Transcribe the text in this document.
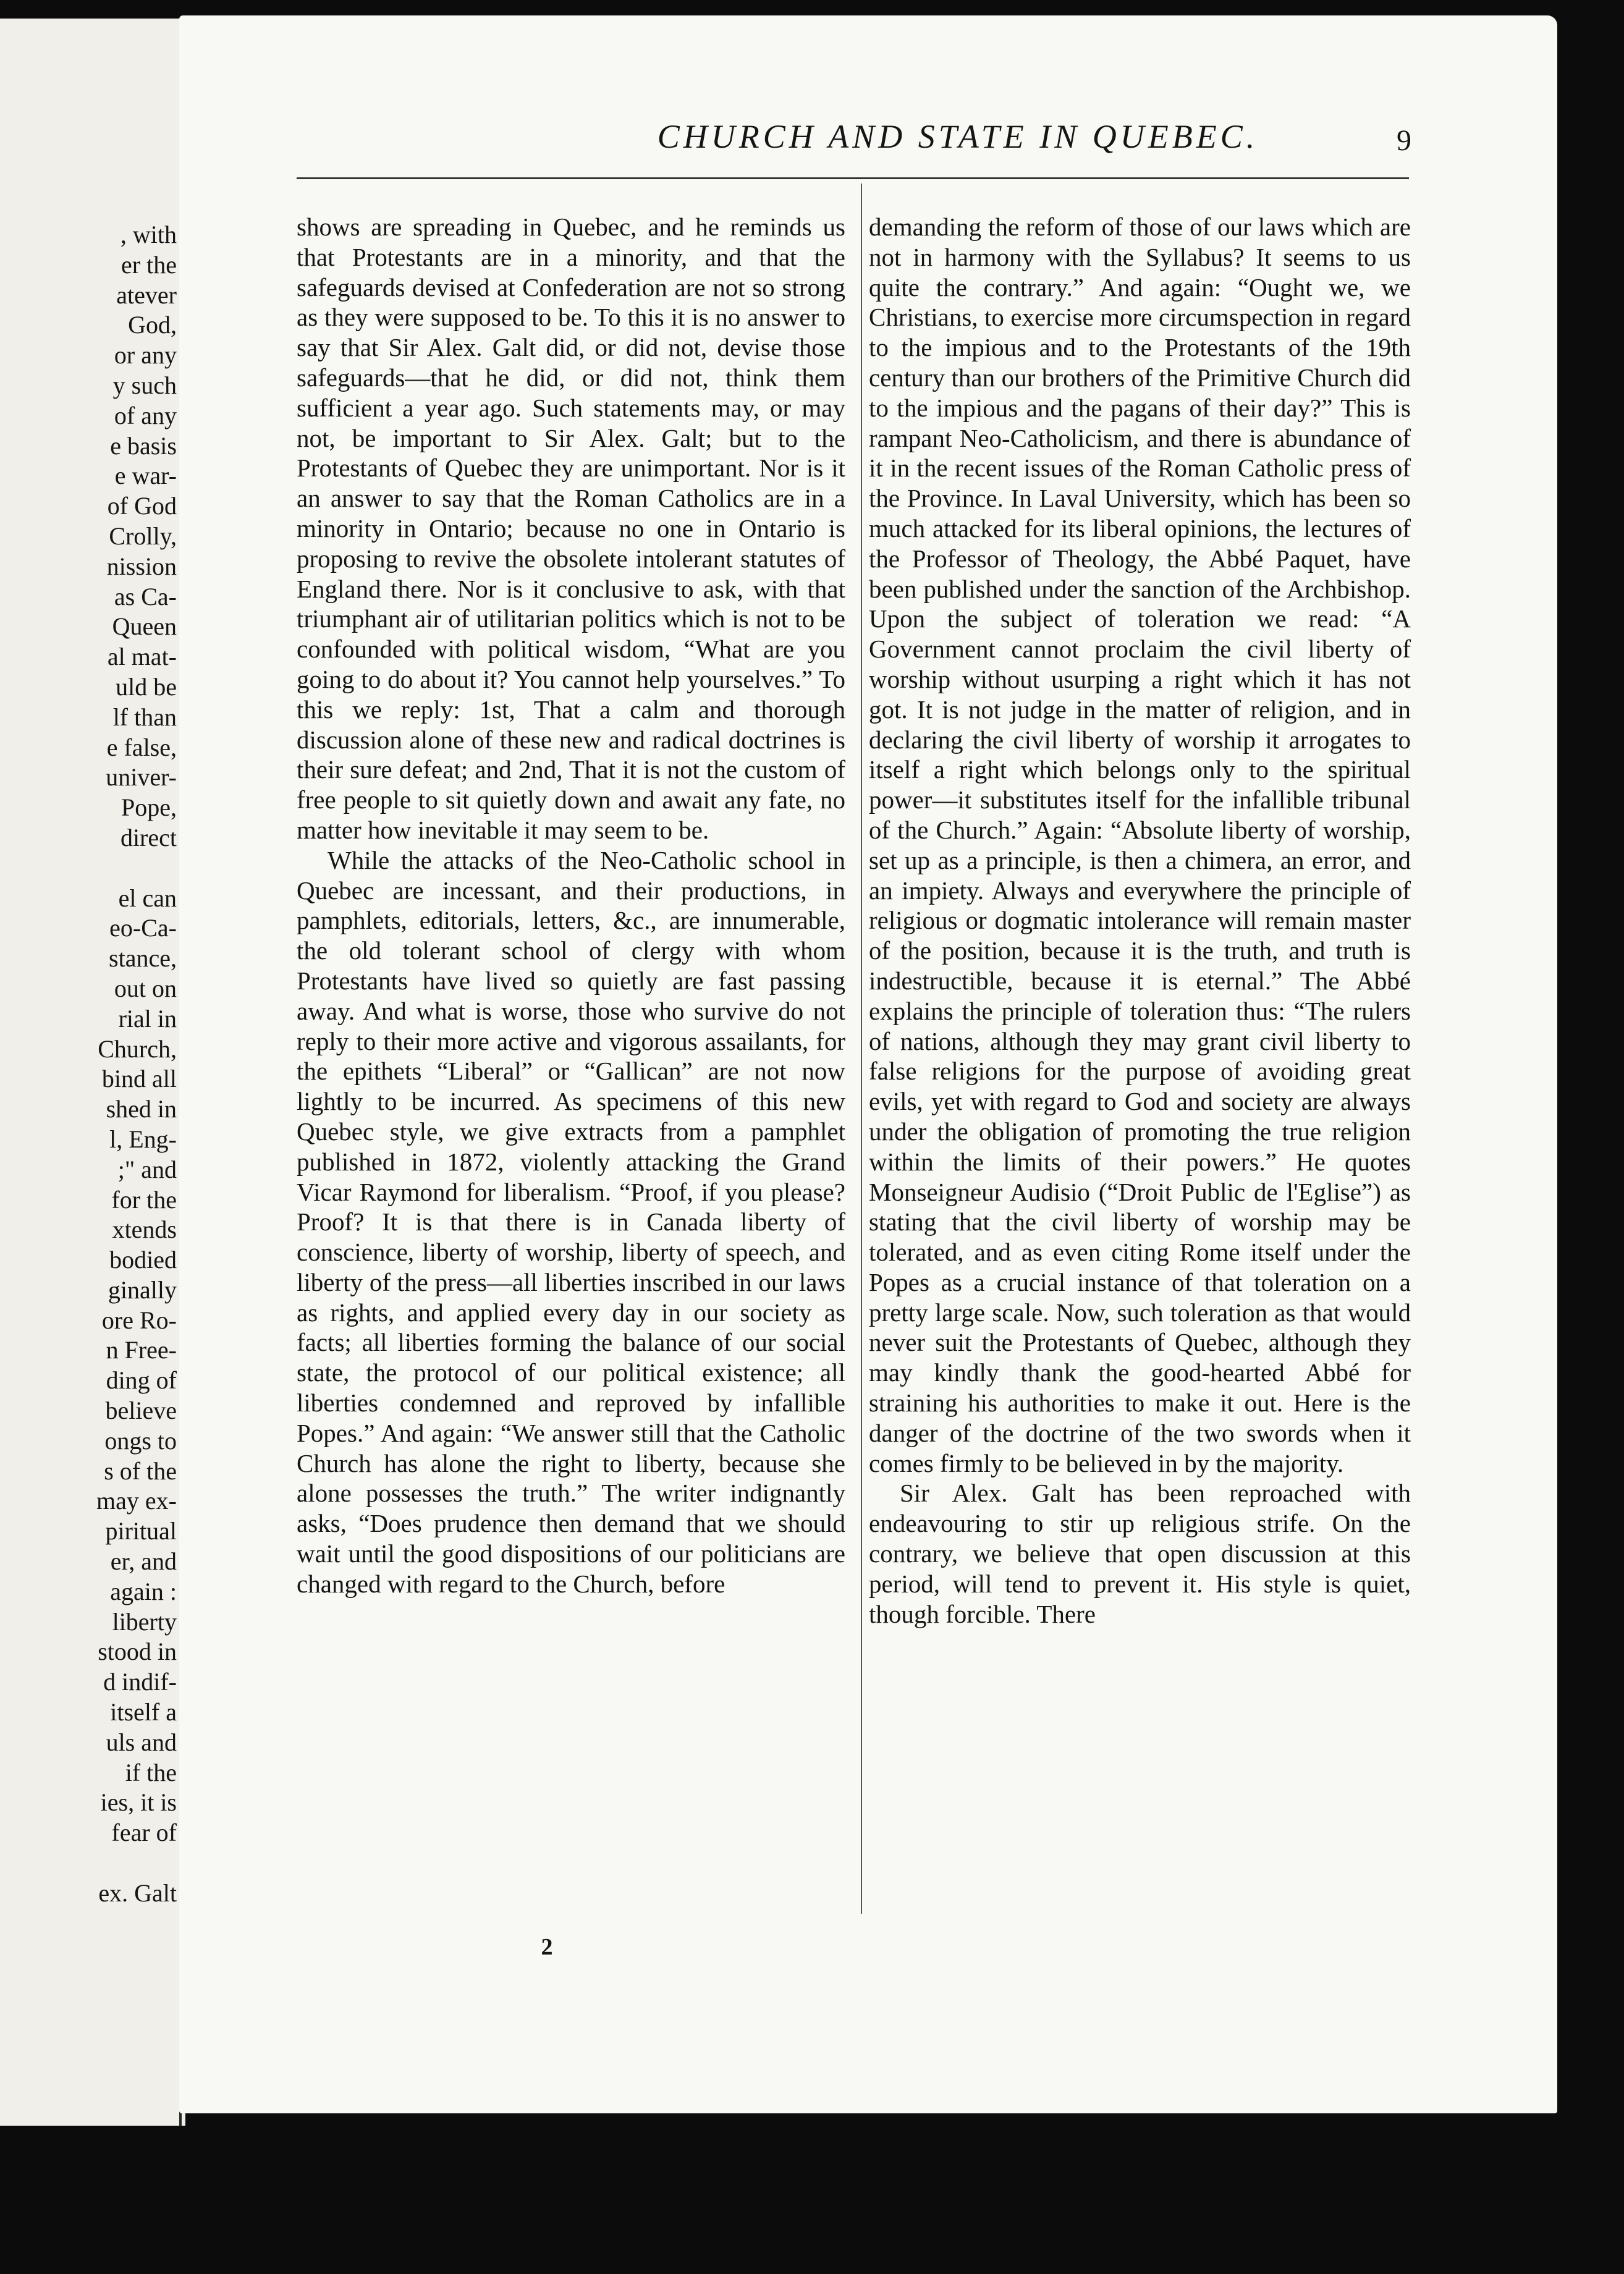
, with
er the
atever
God,
or any
y such
of any
e basis
e war-
of God
Crolly,
nission
as Ca-
Queen
al mat-
uld be
lf than
e false,
univer-
Pope,
direct

el can
eo-Ca-
stance,
out on
rial in
Church,
bind all
shed in
l, Eng-
;" and
for the
xtends
bodied
ginally
ore Ro-
n Free-
ding of
believe
ongs to
s of the
may ex-
piritual
er, and
again :
liberty
stood in
d indif-
itself a
uls and
if the
ies, it is
fear of

ex. Galt
CHURCH AND STATE IN QUEBEC.	9

shows are spreading in Quebec, and he reminds us that Protestants are in a minority, and that the safeguards devised at Confederation are not so strong as they were supposed to be. To this it is no answer to say that Sir Alex. Galt did, or did not, devise those safeguards—that he did, or did not, think them sufficient a year ago. Such statements may, or may not, be important to Sir Alex. Galt; but to the Protestants of Quebec they are unimportant. Nor is it an answer to say that the Roman Catholics are in a minority in Ontario; because no one in Ontario is proposing to revive the obsolete intolerant statutes of England there. Nor is it conclusive to ask, with that triumphant air of utilitarian politics which is not to be confounded with political wisdom, “What are you going to do about it? You cannot help yourselves.” To this we reply: 1st, That a calm and thorough discussion alone of these new and radical doctrines is their sure defeat; and 2nd, That it is not the custom of free people to sit quietly down and await any fate, no matter how inevitable it may seem to be.

While the attacks of the Neo-Catholic school in Quebec are incessant, and their productions, in pamphlets, editorials, letters, &c., are innumerable, the old tolerant school of clergy with whom Protestants have lived so quietly are fast passing away. And what is worse, those who survive do not reply to their more active and vigorous assailants, for the epithets “Liberal” or “Gallican” are not now lightly to be incurred. As specimens of this new Quebec style, we give extracts from a pamphlet published in 1872, violently attacking the Grand Vicar Raymond for liberalism. “Proof, if you please? Proof? It is that there is in Canada liberty of conscience, liberty of worship, liberty of speech, and liberty of the press—all liberties inscribed in our laws as rights, and applied every day in our society as facts; all liberties forming the balance of our social state, the protocol of our political existence; all liberties condemned and reproved by infallible Popes.” And again: “We answer still that the Catholic Church has alone the right to liberty, because she alone possesses the truth.” The writer indignantly asks, “Does prudence then demand that we should wait until the good dispositions of our politicians are changed with regard to the Church, before

demanding the reform of those of our laws which are not in harmony with the Syllabus? It seems to us quite the contrary.” And again: “Ought we, we Christians, to exercise more circumspection in regard to the impious and to the Protestants of the 19th century than our brothers of the Primitive Church did to the impious and the pagans of their day?” This is rampant Neo-Catholicism, and there is abundance of it in the recent issues of the Roman Catholic press of the Province. In Laval University, which has been so much attacked for its liberal opinions, the lectures of the Professor of Theology, the Abbé Paquet, have been published under the sanction of the Archbishop. Upon the subject of toleration we read: “A Government cannot proclaim the civil liberty of worship without usurping a right which it has not got. It is not judge in the matter of religion, and in declaring the civil liberty of worship it arrogates to itself a right which belongs only to the spiritual power—it substitutes itself for the infallible tribunal of the Church.” Again: “Absolute liberty of worship, set up as a principle, is then a chimera, an error, and an impiety. Always and everywhere the principle of religious or dogmatic intolerance will remain master of the position, because it is the truth, and truth is indestructible, because it is eternal.” The Abbé explains the principle of toleration thus: “The rulers of nations, although they may grant civil liberty to false religions for the purpose of avoiding great evils, yet with regard to God and society are always under the obligation of promoting the true religion within the limits of their powers.” He quotes Monseigneur Audisio (“Droit Public de l'Eglise”) as stating that the civil liberty of worship may be tolerated, and as even citing Rome itself under the Popes as a crucial instance of that toleration on a pretty large scale. Now, such toleration as that would never suit the Protestants of Quebec, although they may kindly thank the good-hearted Abbé for straining his authorities to make it out. Here is the danger of the doctrine of the two swords when it comes firmly to be believed in by the majority.

Sir Alex. Galt has been reproached with endeavouring to stir up religious strife. On the contrary, we believe that open discussion at this period, will tend to prevent it. His style is quiet, though forcible. There

2
